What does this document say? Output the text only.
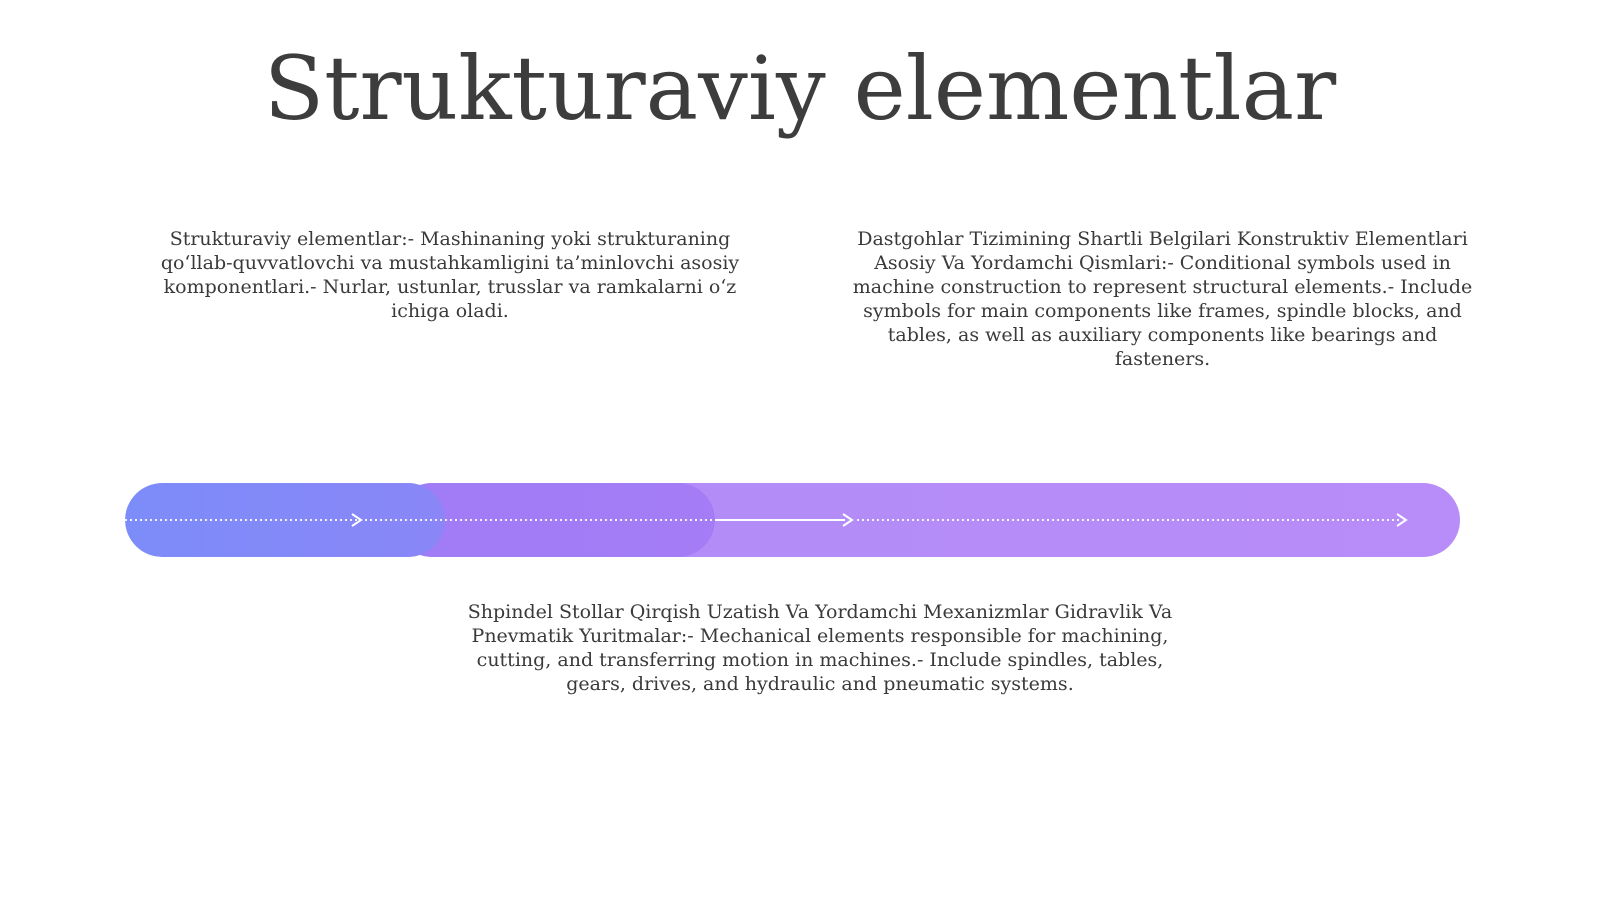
Strukturaviy elementlar
Strukturaviy elementlar:- Mashinaning yoki strukturaning qo‘llab-quvvatlovchi va mustahkamligini ta’minlovchi asosiy komponentlari.- Nurlar, ustunlar, trusslar va ramkalarni o‘z ichiga oladi.
Dastgohlar Tizimining Shartli Belgilari Konstruktiv Elementlari Asosiy Va Yordamchi Qismlari:- Conditional symbols used in machine construction to represent structural elements.- Include symbols for main components like frames, spindle blocks, and tables, as well as auxiliary components like bearings and fasteners.
Shpindel Stollar Qirqish Uzatish Va Yordamchi Mexanizmlar Gidravlik Va Pnevmatik Yuritmalar:- Mechanical elements responsible for machining, cutting, and transferring motion in machines.- Include spindles, tables, gears, drives, and hydraulic and pneumatic systems.
